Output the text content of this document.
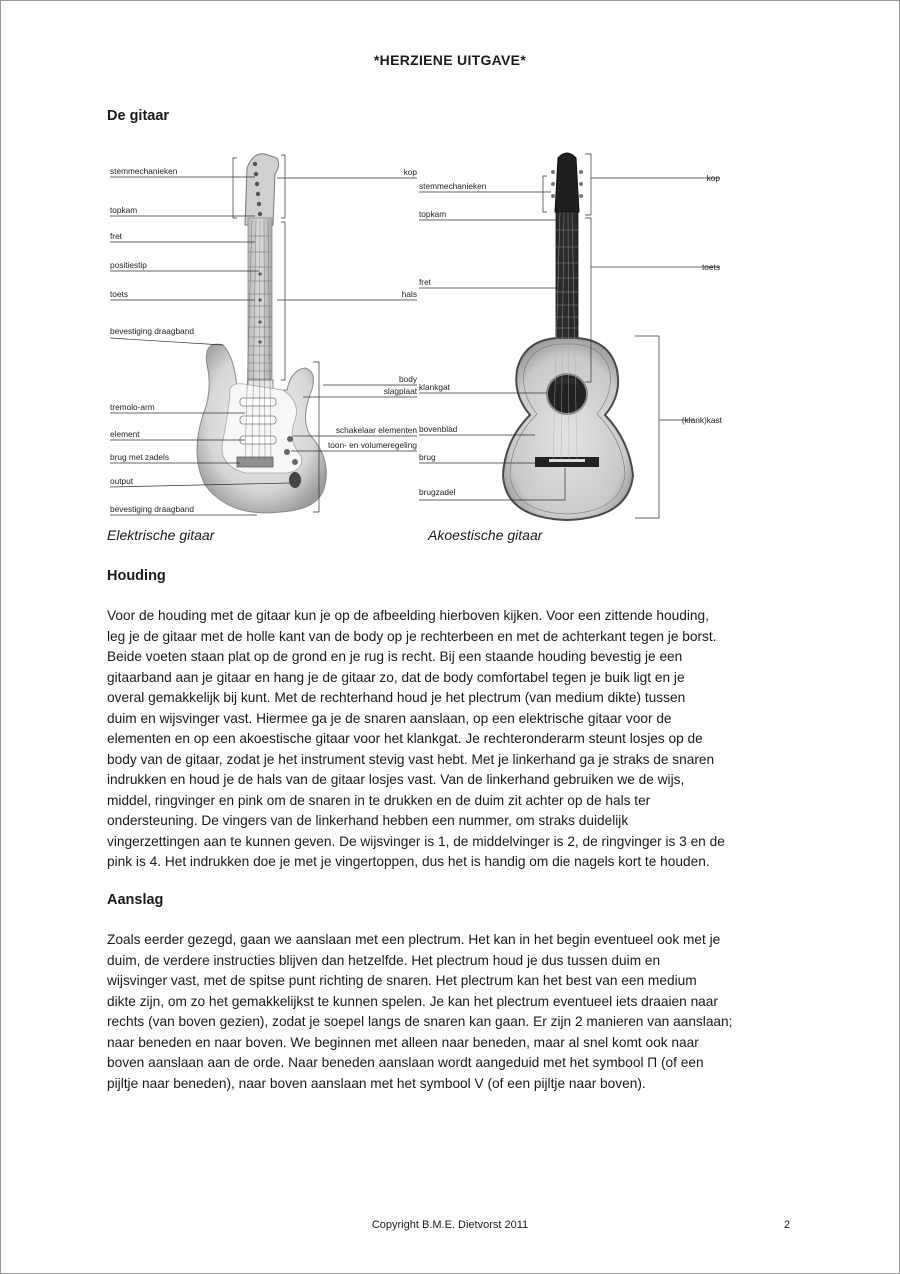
*HERZIENE UITGAVE*
De gitaar
stemmechanieken
topkam
fret
positiestip
toets
bevestiging draagband
tremolo-arm
element
brug met zadels
output
bevestiging draagband
kop
hals
body
slagplaat
schakelaar elementen
toon- en volumeregeling
stemmechanieken
topkam
fret
klankgat
bovenblad
brug
brugzadel
kop
toets
(klank)kast
Elektrische gitaar	Akoestische gitaar
Houding
Voor de houding met de gitaar kun je op de afbeelding hierboven kijken. Voor een zittende houding,
leg je de gitaar met de holle kant van de body op je rechterbeen en met de achterkant tegen je borst.
Beide voeten staan plat op de grond en je rug is recht. Bij een staande houding bevestig je een
gitaarband aan je gitaar en hang je de gitaar zo, dat de body comfortabel tegen je buik ligt en je
overal gemakkelijk bij kunt. Met de rechterhand houd je het plectrum (van medium dikte) tussen
duim en wijsvinger vast. Hiermee ga je de snaren aanslaan, op een elektrische gitaar voor de
elementen en op een akoestische gitaar voor het klankgat. Je rechteronderarm steunt losjes op de
body van de gitaar, zodat je het instrument stevig vast hebt. Met je linkerhand ga je straks de snaren
indrukken en houd je de hals van de gitaar losjes vast. Van de linkerhand gebruiken we de wijs,
middel, ringvinger en pink om de snaren in te drukken en de duim zit achter op de hals ter
ondersteuning. De vingers van de linkerhand hebben een nummer, om straks duidelijk
vingerzettingen aan te kunnen geven. De wijsvinger is 1, de middelvinger is 2, de ringvinger is 3 en de
pink is 4. Het indrukken doe je met je vingertoppen, dus het is handig om die nagels kort te houden.
Aanslag
Zoals eerder gezegd, gaan we aanslaan met een plectrum. Het kan in het begin eventueel ook met je
duim, de verdere instructies blijven dan hetzelfde. Het plectrum houd je dus tussen duim en
wijsvinger vast, met de spitse punt richting de snaren. Het plectrum kan het best van een medium
dikte zijn, om zo het gemakkelijkst te kunnen spelen. Je kan het plectrum eventueel iets draaien naar
rechts (van boven gezien), zodat je soepel langs de snaren kan gaan. Er zijn 2 manieren van aanslaan;
naar beneden en naar boven. We beginnen met alleen naar beneden, maar al snel komt ook naar
boven aanslaan aan de orde. Naar beneden aanslaan wordt aangeduid met het symbool Π (of een
pijltje naar beneden), naar boven aanslaan met het symbool V (of een pijltje naar boven).
Copyright B.M.E. Dietvorst 2011	2
